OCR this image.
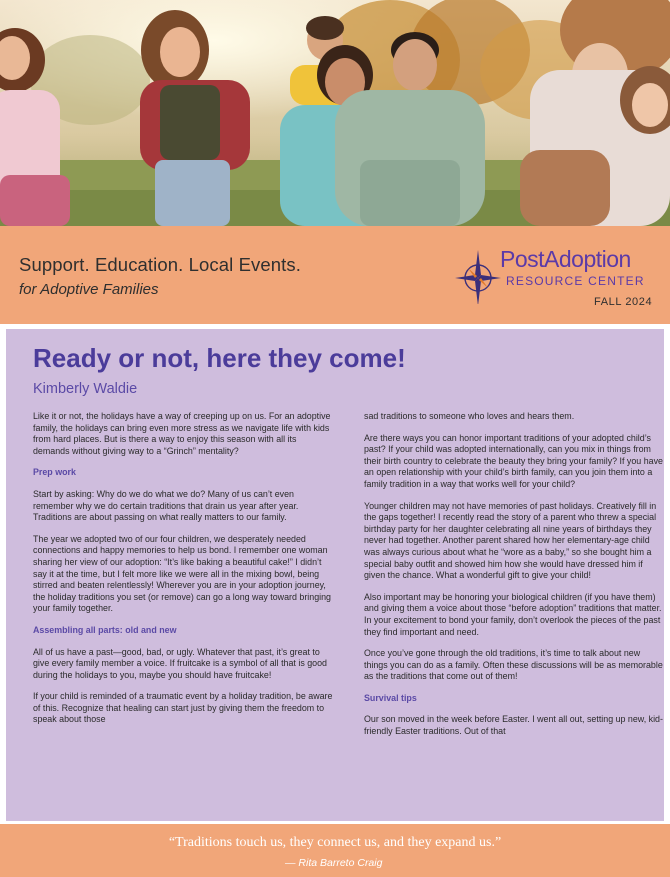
Support. Education. Local Events.
for Adoptive Families
PostAdoption
RESOURCE CENTER
FALL 2024
Ready or not, here they come!
Kimberly Waldie

Like it or not, the holidays have a way of creeping up on us. For an adoptive family, the holidays can bring even more stress as we navigate life with kids from hard places. But is there a way to enjoy this season with all its demands without giving way to a “Grinch” mentality?

Prep work

Start by asking: Why do we do what we do? Many of us can’t even remember why we do certain traditions that drain us year after year. Traditions are about passing on what really matters to our family.

The year we adopted two of our four children, we desperately needed connections and happy memories to help us bond. I remember one woman sharing her view of our adoption: “It’s like baking a beautiful cake!” I didn’t say it at the time, but I felt more like we were all in the mixing bowl, being stirred and beaten relentlessly! Wherever you are in your adoption journey, the holiday traditions you set (or remove) can go a long way toward bringing your family together.

Assembling all parts: old and new

All of us have a past—good, bad, or ugly. Whatever that past, it’s great to give every family member a voice. If fruitcake is a symbol of all that is good during the holidays to you, maybe you should have fruitcake!

If your child is reminded of a traumatic event by a holiday tradition, be aware of this. Recognize that healing can start just by giving them the freedom to speak about those

sad traditions to someone who loves and hears them.

Are there ways you can honor important traditions of your adopted child’s past? If your child was adopted internationally, can you mix in things from their birth country to celebrate the beauty they bring your family? If you have an open relationship with your child’s birth family, can you join them into a family tradition in a way that works well for your child?

Younger children may not have memories of past holidays. Creatively fill in the gaps together! I recently read the story of a parent who threw a special birthday party for her daughter celebrating all nine years of birthdays they never had together. Another parent shared how her elementary-age child was always curious about what he “wore as a baby,” so she bought him a special baby outfit and showed him how she would have dressed him if given the chance. What a wonderful gift to give your child!

Also important may be honoring your biological children (if you have them) and giving them a voice about those “before adoption” traditions that matter. In your excitement to bond your family, don’t overlook the pieces of the past they find important and need.

Once you’ve gone through the old traditions, it’s time to talk about new things you can do as a family. Often these discussions will be as memorable as the traditions that come out of them!

Survival tips

Our son moved in the week before Easter. I went all out, setting up new, kid-friendly Easter traditions. Out of that

“Traditions touch us, they connect us, and they expand us.”
— Rita Barreto Craig
